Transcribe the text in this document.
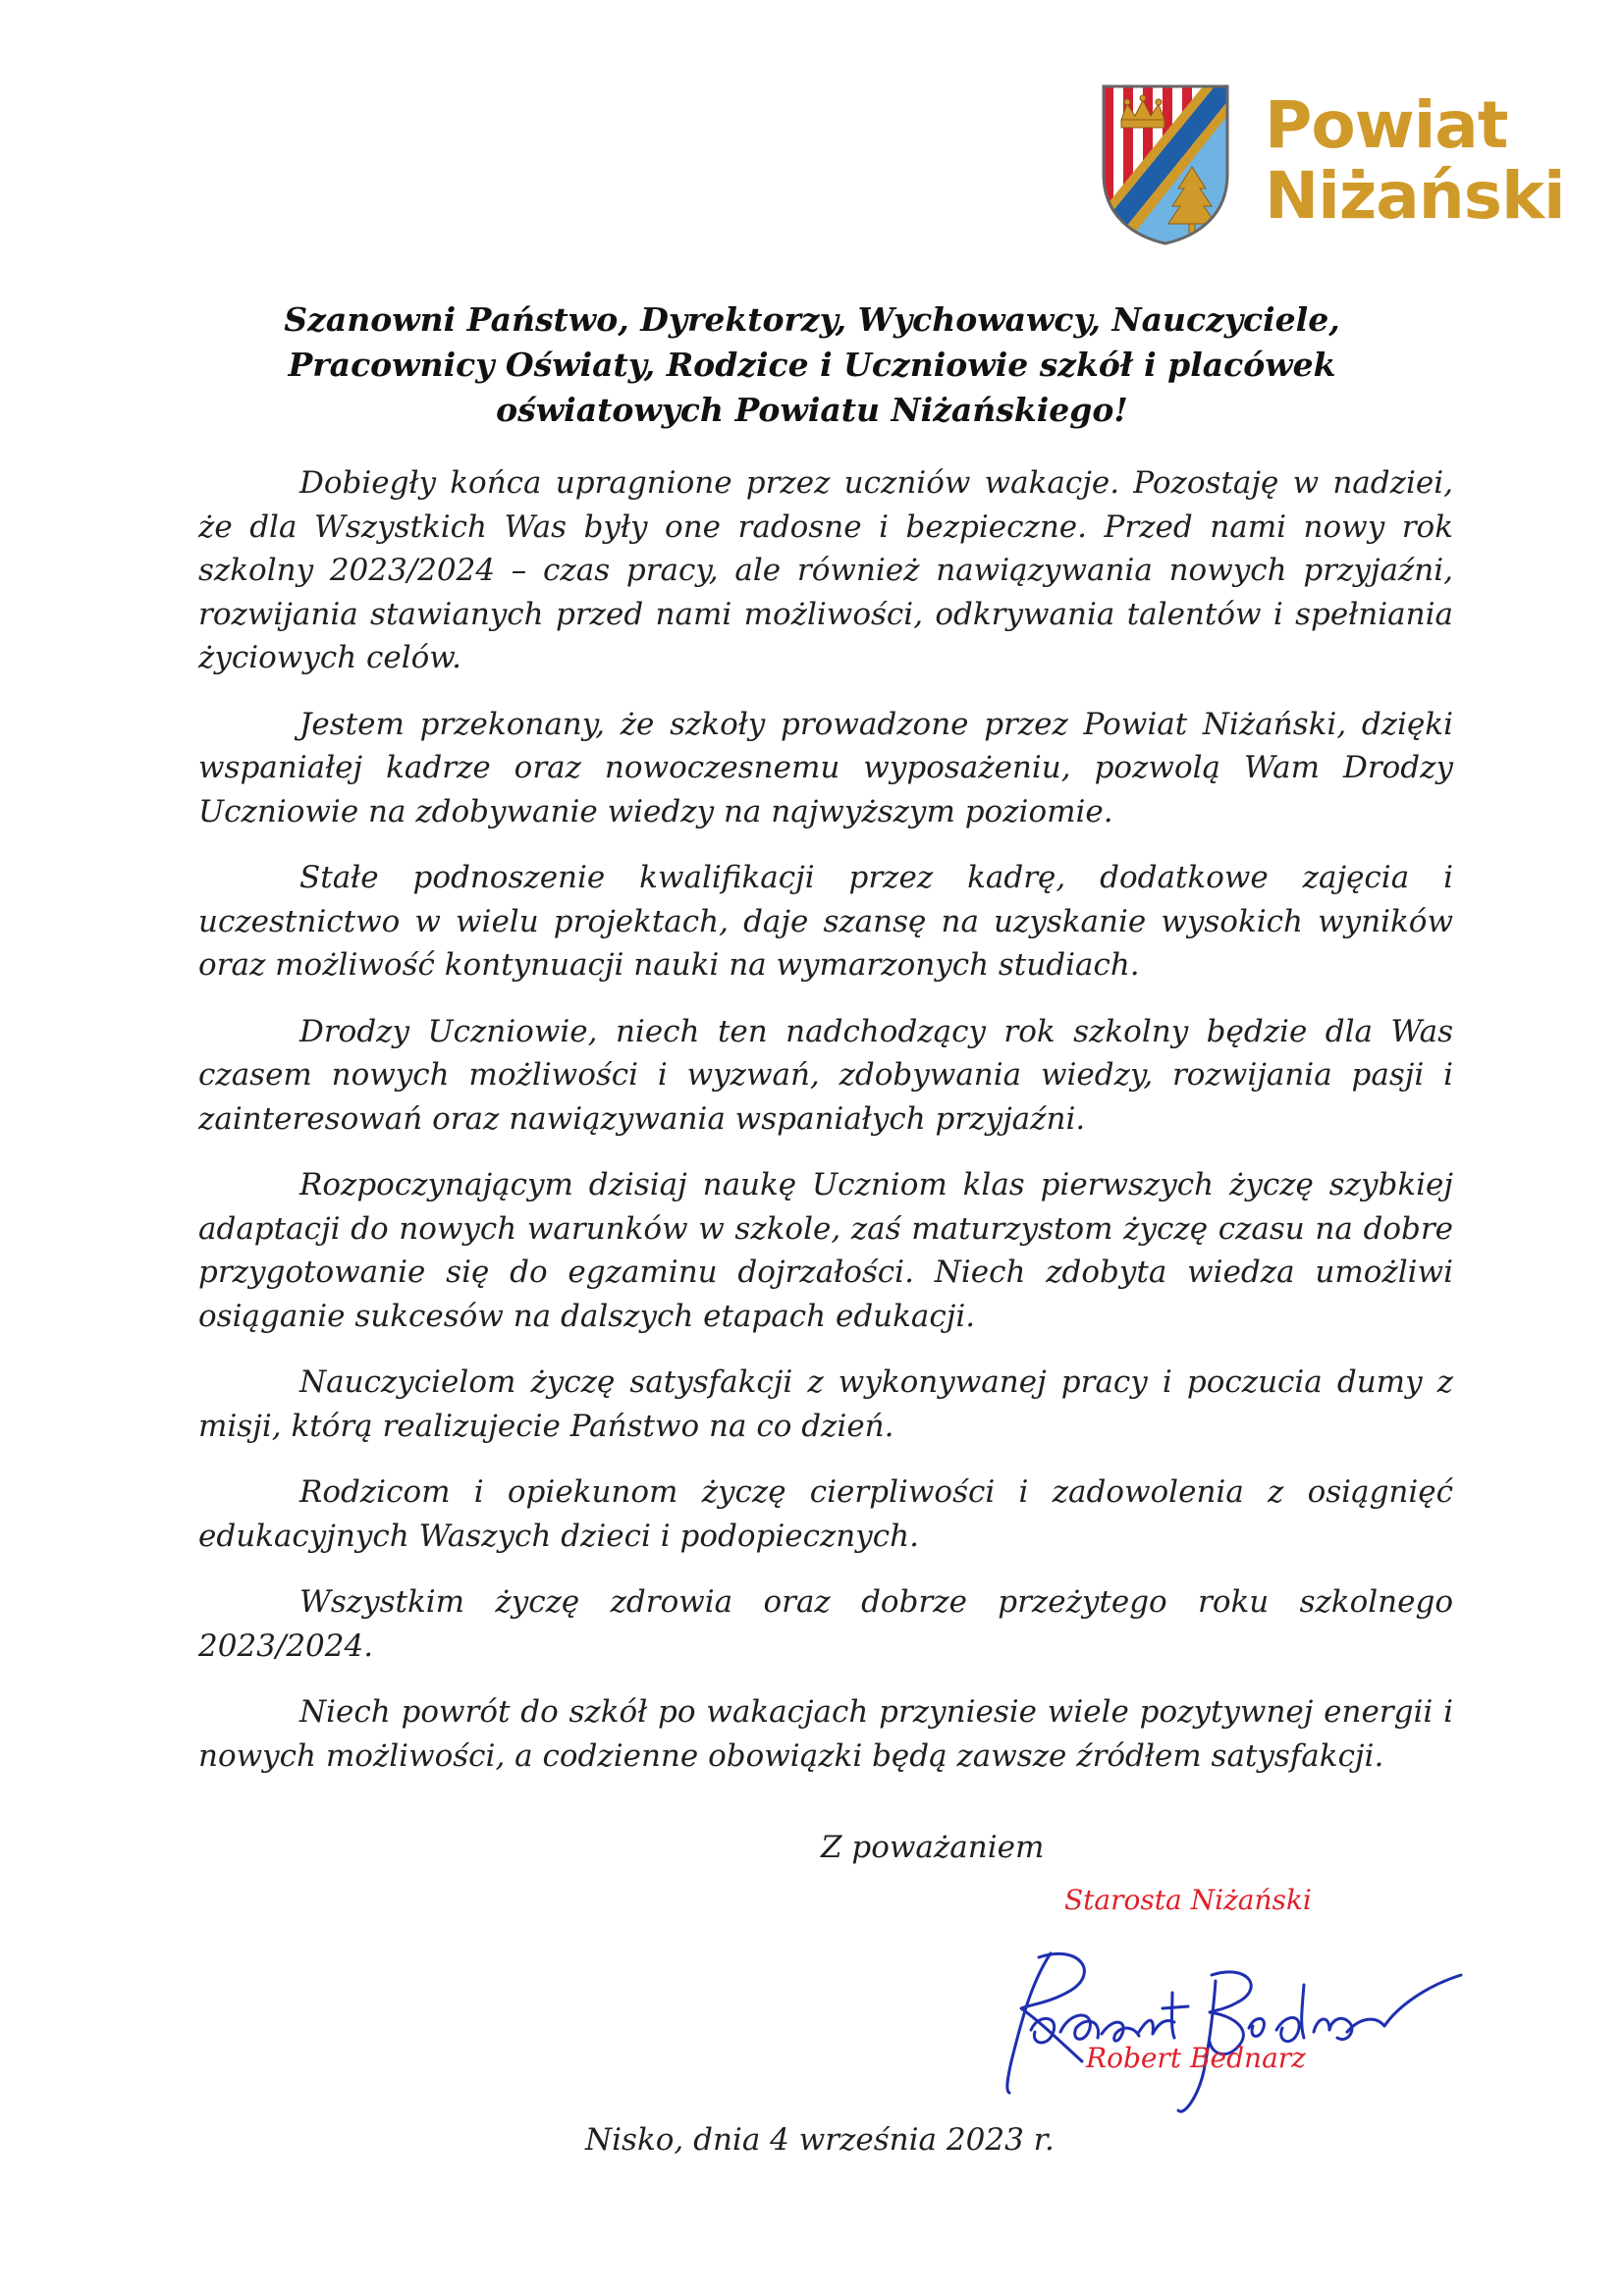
Powiat
Niżański
Szanowni Państwo, Dyrektorzy, Wychowawcy, Nauczyciele,
Pracownicy Oświaty, Rodzice i Uczniowie szkół i placówek
oświatowych Powiatu Niżańskiego!

Dobiegły końca upragnione przez uczniów wakacje. Pozostaję w nadziei, że dla Wszystkich Was były one radosne i bezpieczne. Przed nami nowy rok szkolny 2023/2024 – czas pracy, ale również nawiązywania nowych przyjaźni, rozwijania stawianych przed nami możliwości, odkrywania talentów i spełniania życiowych celów.

Jestem przekonany, że szkoły prowadzone przez Powiat Niżański, dzięki wspaniałej kadrze oraz nowoczesnemu wyposażeniu, pozwolą Wam Drodzy Uczniowie na zdobywanie wiedzy na najwyższym poziomie.

Stałe podnoszenie kwalifikacji przez kadrę, dodatkowe zajęcia i uczestnictwo w wielu projektach, daje szansę na uzyskanie wysokich wyników oraz możliwość kontynuacji nauki na wymarzonych studiach.

Drodzy Uczniowie, niech ten nadchodzący rok szkolny będzie dla Was czasem nowych możliwości i wyzwań, zdobywania wiedzy, rozwijania pasji i zainteresowań oraz nawiązywania wspaniałych przyjaźni.

Rozpoczynającym dzisiaj naukę Uczniom klas pierwszych życzę szybkiej adaptacji do nowych warunków w szkole, zaś maturzystom życzę czasu na dobre przygotowanie się do egzaminu dojrzałości. Niech zdobyta wiedza umożliwi osiąganie sukcesów na dalszych etapach edukacji.

Nauczycielom życzę satysfakcji z wykonywanej pracy i poczucia dumy z misji, którą realizujecie Państwo na co dzień.

Rodzicom i opiekunom życzę cierpliwości i zadowolenia z osiągnięć edukacyjnych Waszych dzieci i podopiecznych.

Wszystkim życzę zdrowia oraz dobrze przeżytego roku szkolnego 2023/2024.

Niech powrót do szkół po wakacjach przyniesie wiele pozytywnej energii i nowych możliwości, a codzienne obowiązki będą zawsze źródłem satysfakcji.

Z poważaniem
Starosta Niżański
Robert Bednarz
Nisko, dnia 4 września 2023 r.
